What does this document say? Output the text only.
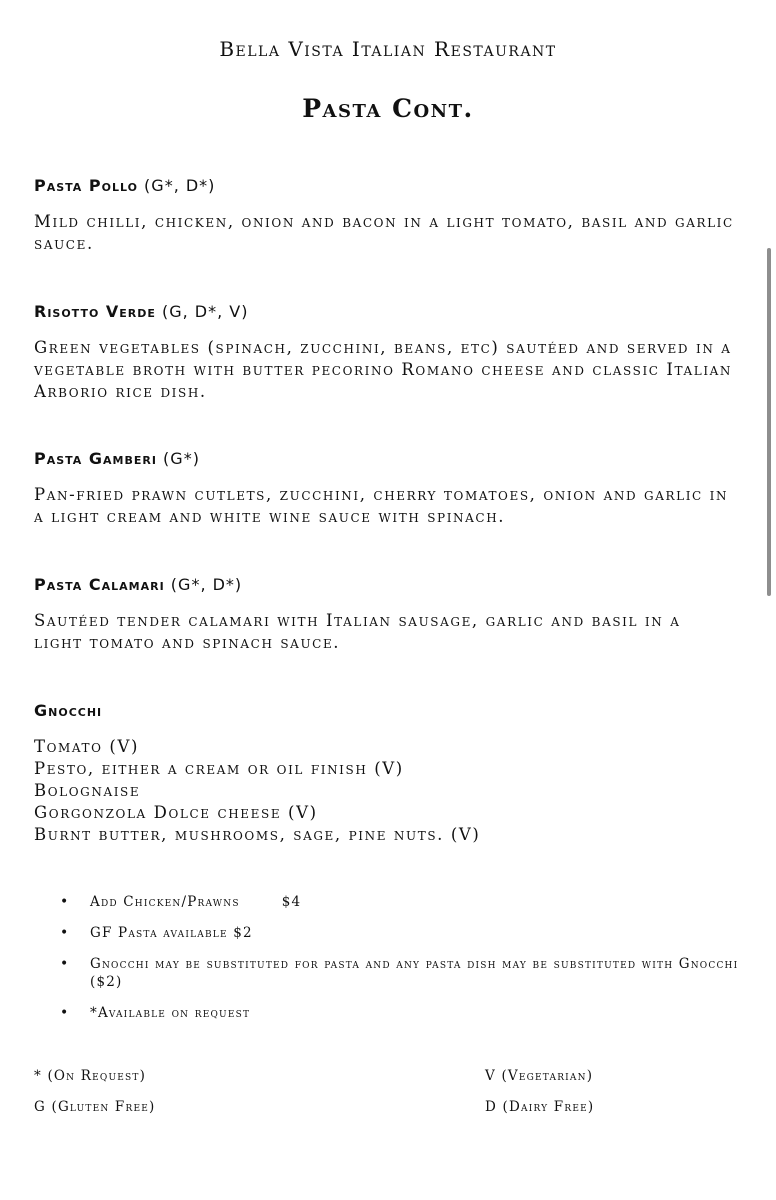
Bella Vista Italian Restaurant
Pasta Cont.
Pasta Pollo (G*, D*)
Mild chilli, chicken, onion and bacon in a light tomato, basil and garlic sauce.
Risotto Verde (G, D*, V)
Green vegetables (spinach, zucchini, beans, etc) sautéed and served in a vegetable broth with butter pecorino Romano cheese and classic Italian Arborio rice dish.
Pasta Gamberi (G*)
Pan-fried prawn cutlets, zucchini, cherry tomatoes, onion and garlic in a light cream and white wine sauce with spinach.
Pasta Calamari (G*, D*)
Sautéed tender calamari with Italian sausage, garlic and basil in a light tomato and spinach sauce.
Gnocchi
Tomato (V)
Pesto, either a cream or oil finish (V)
Bolognaise
Gorgonzola Dolce cheese (V)
Burnt butter, mushrooms, sage, pine nuts. (V)
• Add Chicken/Prawns	$4
• GF Pasta available $2
• Gnocchi may be substituted for pasta and any pasta dish may be substituted with Gnocchi ($2)
• *Available on request
* (On Request)	V (Vegetarian)
G (Gluten Free)	D (Dairy Free)
